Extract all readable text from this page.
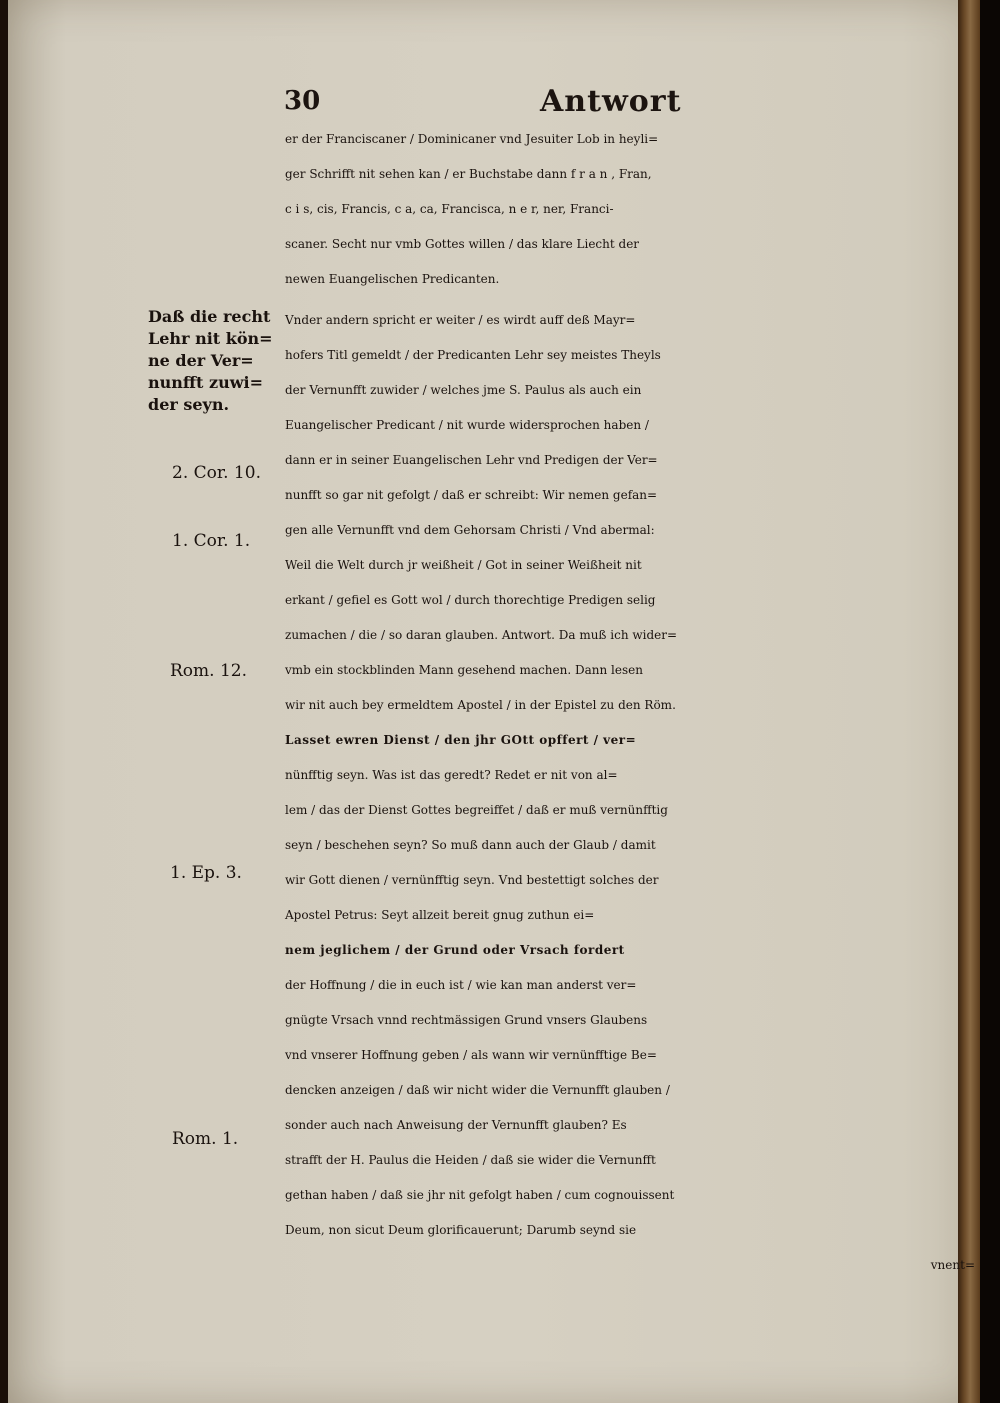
30	Antwort
Daß die recht
Lehr nit kön=
ne der Ver=
nunfft zuwi=
der seyn.
2. Cor. 10.
1. Cor. 1.
Rom. 12.
1. Ep. 3.
Rom. 1.
er der Franciscaner / Dominicaner vnd Jesuiter Lob in heyli=
ger Schrifft nit sehen kan / er Buchstabe dann f r a n , Fran,
c i s, cis, Francis, c a, ca, Francisca, n e r, ner, Franci-
scaner. Secht nur vmb Gottes willen / das klare Liecht der
newen Euangelischen Predicanten.
Vnder andern spricht er weiter / es wirdt auff deß Mayr=
hofers Titl gemeldt / der Predicanten Lehr sey meistes Theyls
der Vernunfft zuwider / welches jme S. Paulus als auch ein
Euangelischer Predicant / nit wurde widersprochen haben /
dann er in seiner Euangelischen Lehr vnd Predigen der Ver=
nunfft so gar nit gefolgt / daß er schreibt: Wir nemen gefan=
gen alle Vernunfft vnd dem Gehorsam Christi / Vnd abermal:
Weil die Welt durch jr weißheit / Got in seiner Weißheit nit
erkant / gefiel es Gott wol / durch thorechtige Predigen selig
zumachen / die / so daran glauben. Antwort. Da muß ich wider=
vmb ein stockblinden Mann gesehend machen. Dann lesen
wir nit auch bey ermeldtem Apostel / in der Epistel zu den Röm.
Lasset ewren Dienst / den jhr GOtt opffert / ver=
nünfftig seyn. Was ist das geredt? Redet er nit von al=
lem / das der Dienst Gottes begreiffet / daß er muß vernünfftig
seyn / beschehen seyn? So muß dann auch der Glaub / damit
wir Gott dienen / vernünfftig seyn. Vnd bestettigt solches der
Apostel Petrus: Seyt allzeit bereit gnug zuthun ei=
nem jeglichem / der Grund oder Vrsach fordert
der Hoffnung / die in euch ist / wie kan man anderst ver=
gnügte Vrsach vnnd rechtmässigen Grund vnsers Glaubens
vnd vnserer Hoffnung geben / als wann wir vernünfftige Be=
dencken anzeigen / daß wir nicht wider die Vernunfft glauben /
sonder auch nach Anweisung der Vernunfft glauben? Es
strafft der H. Paulus die Heiden / daß sie wider die Vernunfft
gethan haben / daß sie jhr nit gefolgt haben / cum cognouissent
Deum, non sicut Deum glorificauerunt; Darumb seynd sie
vnent=
